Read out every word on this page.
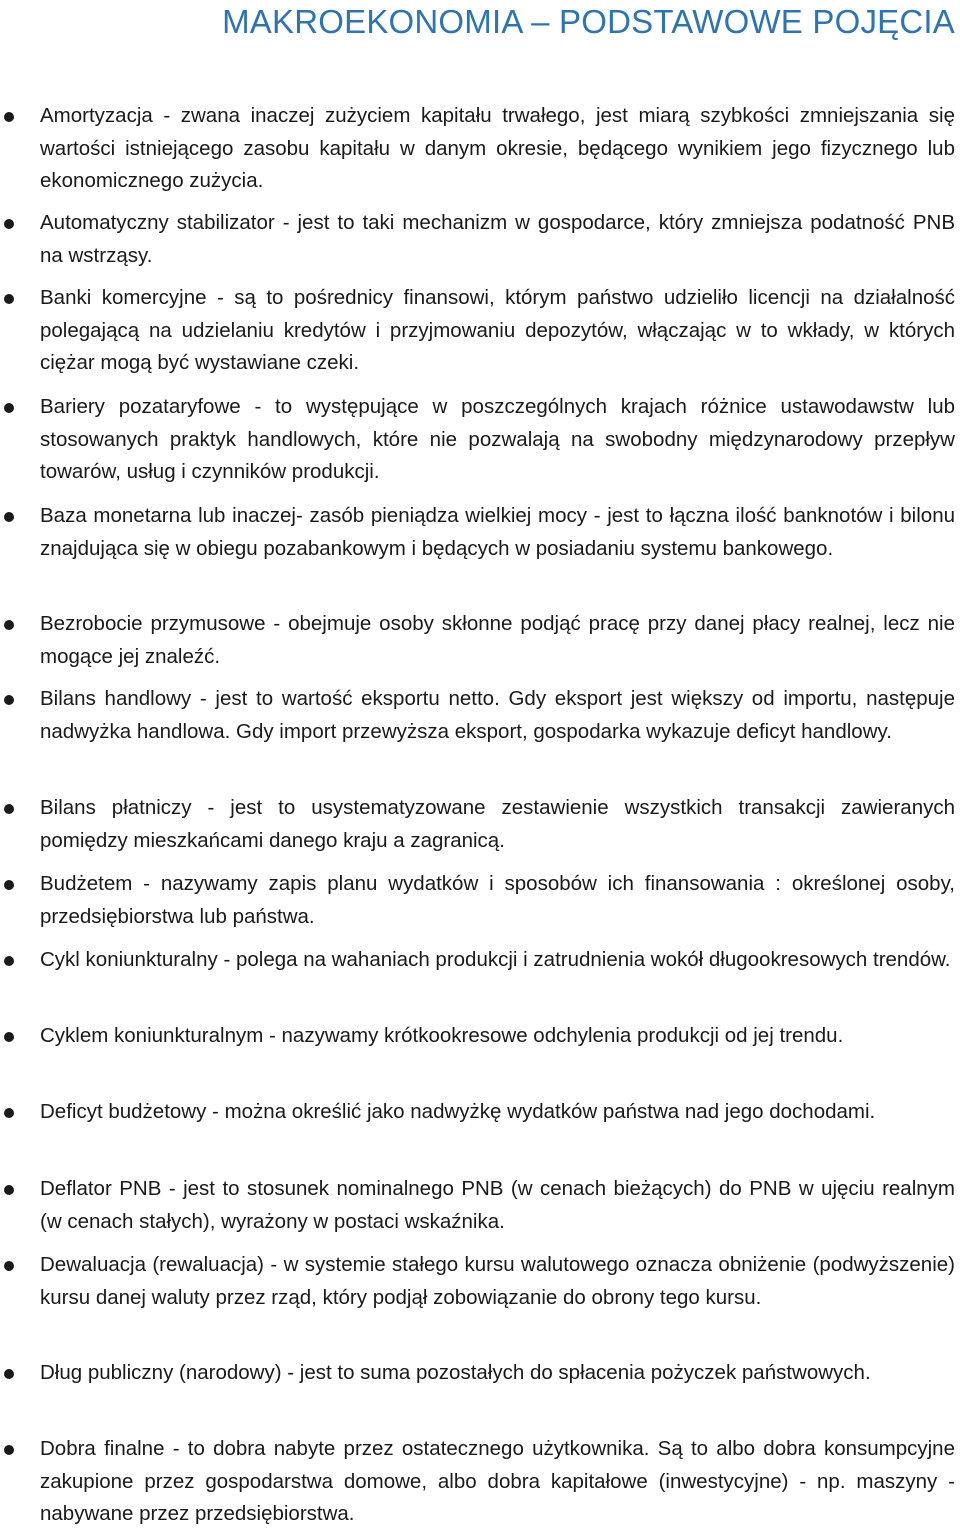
MAKROEKONOMIA – PODSTAWOWE POJĘCIA

Amortyzacja - zwana inaczej zużyciem kapitału trwałego, jest miarą szybkości zmniejszania się wartości istniejącego zasobu kapitału w danym okresie, będącego wynikiem jego fizycznego lub ekonomicznego zużycia.

Automatyczny stabilizator - jest to taki mechanizm w gospodarce, który zmniejsza podatność PNB na wstrząsy.

Banki komercyjne - są to pośrednicy finansowi, którym państwo udzieliło licencji na działalność polegającą na udzielaniu kredytów i przyjmowaniu depozytów, włączając w to wkłady, w których ciężar mogą być wystawiane czeki.

Bariery pozataryfowe - to występujące w poszczególnych krajach różnice ustawodawstw lub stosowanych praktyk handlowych, które nie pozwalają na swobodny międzynarodowy przepływ towarów, usług i czynników produkcji.

Baza monetarna lub inaczej- zasób pieniądza wielkiej mocy - jest to łączna ilość banknotów i bilonu znajdująca się w obiegu pozabankowym i będących w posiadaniu systemu bankowego.

Bezrobocie przymusowe - obejmuje osoby skłonne podjąć pracę przy danej płacy realnej, lecz nie mogące jej znaleźć.

Bilans handlowy - jest to wartość eksportu netto. Gdy eksport jest większy od importu, następuje nadwyżka handlowa. Gdy import przewyższa eksport, gospodarka wykazuje deficyt handlowy.

Bilans płatniczy - jest to usystematyzowane zestawienie wszystkich transakcji zawieranych pomiędzy mieszkańcami danego kraju a zagranicą.

Budżetem - nazywamy zapis planu wydatków i sposobów ich finansowania : określonej osoby, przedsiębiorstwa lub państwa.

Cykl koniunkturalny - polega na wahaniach produkcji i zatrudnienia wokół długookresowych trendów.

Cyklem koniunkturalnym - nazywamy krótkookresowe odchylenia produkcji od jej trendu.

Deficyt budżetowy - można określić jako nadwyżkę wydatków państwa nad jego dochodami.

Deflator PNB - jest to stosunek nominalnego PNB (w cenach bieżących) do PNB w ujęciu realnym (w cenach stałych), wyrażony w postaci wskaźnika.

Dewaluacja (rewaluacja) - w systemie stałego kursu walutowego oznacza obniżenie (podwyższenie) kursu danej waluty przez rząd, który podjął zobowiązanie do obrony tego kursu.

Dług publiczny (narodowy) - jest to suma pozostałych do spłacenia pożyczek państwowych.

Dobra finalne - to dobra nabyte przez ostatecznego użytkownika. Są to albo dobra konsumpcyjne zakupione przez gospodarstwa domowe, albo dobra kapitałowe (inwestycyjne) - np. maszyny - nabywane przez przedsiębiorstwa.
